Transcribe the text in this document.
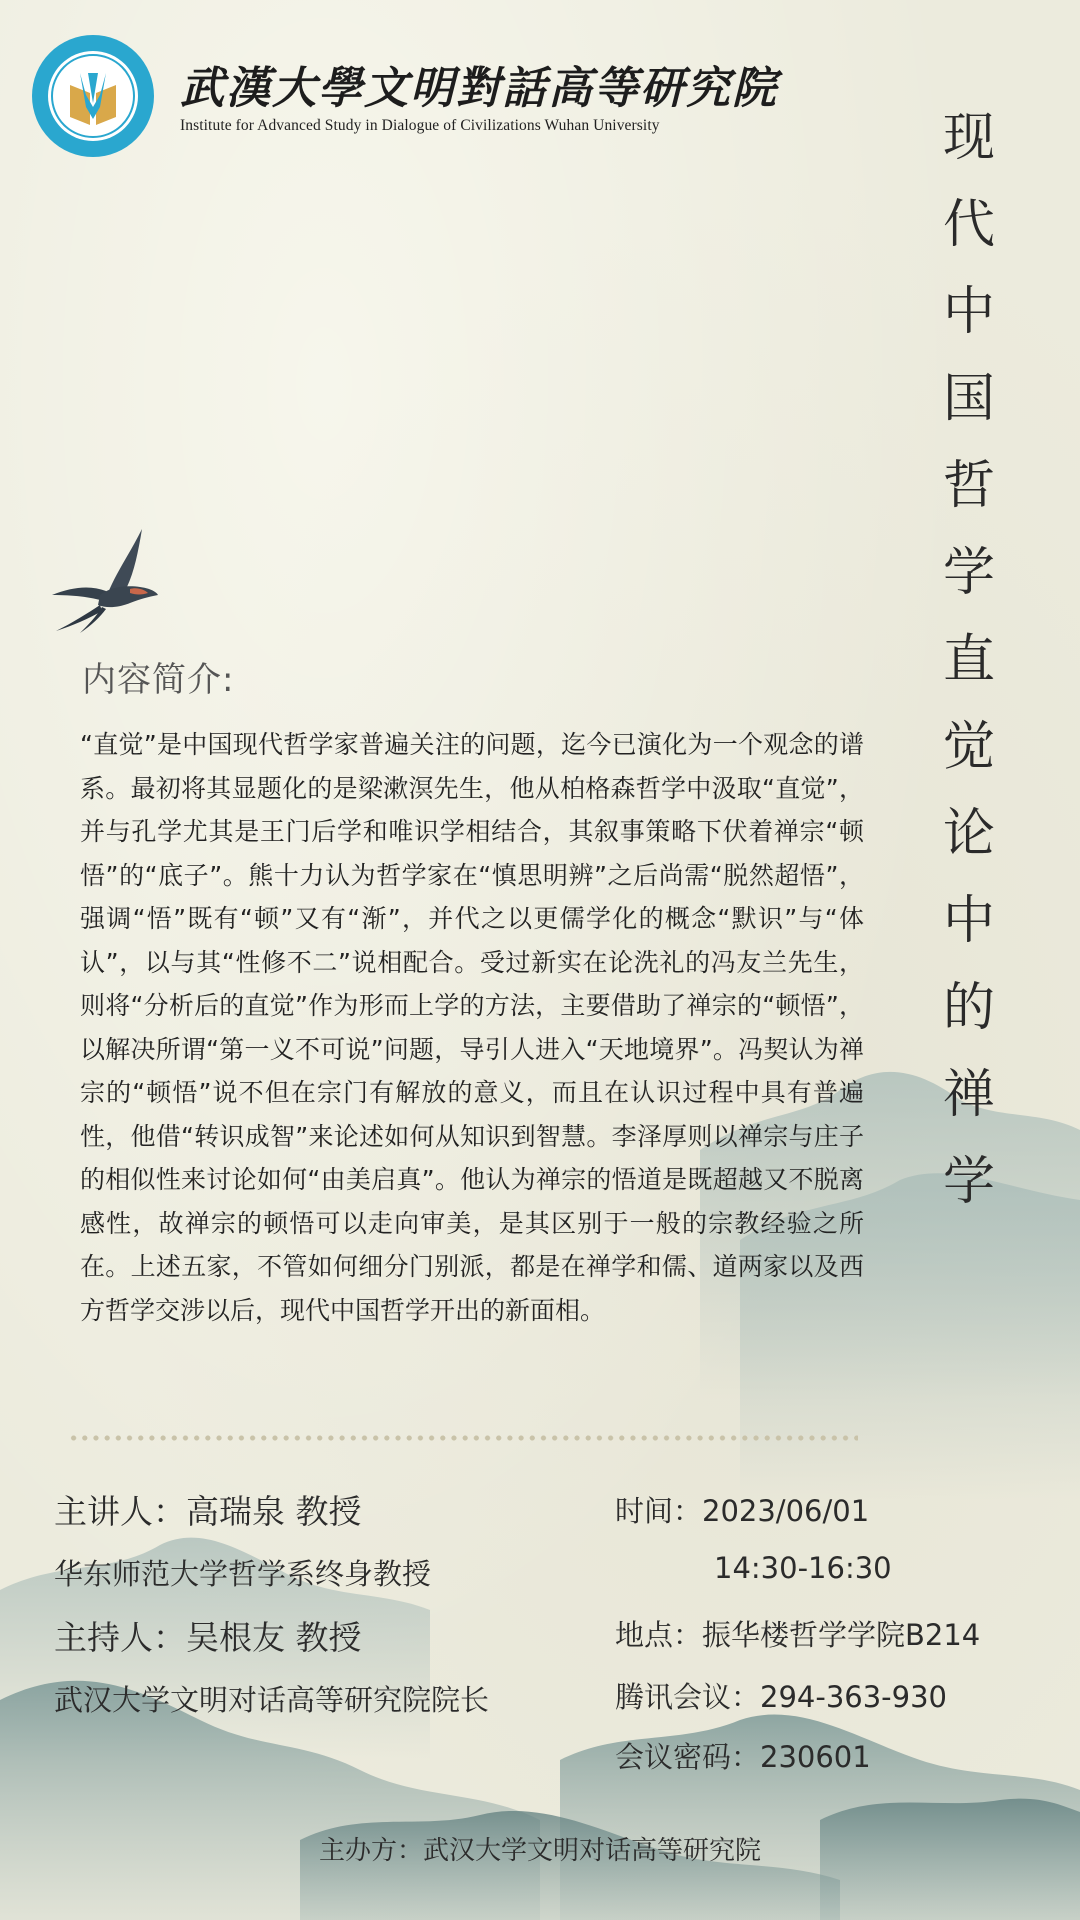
武漢大學文明對話高等研究院
Institute for Advanced Study in Dialogue of Civilizations Wuhan University	现
代
中
国
哲
学
直
觉
论
中
的
禅
学
内容简介:
“直觉”是中国现代哲学家普遍关注的问题，迄今已演化为一个观念的谱系。最初将其显题化的是梁漱溟先生，他从柏格森哲学中汲取“直觉”，并与孔学尤其是王门后学和唯识学相结合，其叙事策略下伏着禅宗“顿悟”的“底子”。熊十力认为哲学家在“慎思明辨”之后尚需“脱然超悟”，强调“悟”既有“顿”又有“渐”，并代之以更儒学化的概念“默识”与“体认”，以与其“性修不二”说相配合。受过新实在论洗礼的冯友兰先生，则将“分析后的直觉”作为形而上学的方法，主要借助了禅宗的“顿悟”，以解决所谓“第一义不可说”问题，导引人进入“天地境界”。冯契认为禅宗的“顿悟”说不但在宗门有解放的意义，而且在认识过程中具有普遍性，他借“转识成智”来论述如何从知识到智慧。李泽厚则以禅宗与庄子的相似性来讨论如何“由美启真”。他认为禅宗的悟道是既超越又不脱离感性，故禅宗的顿悟可以走向审美，是其区别于一般的宗教经验之所在。上述五家，不管如何细分门别派，都是在禅学和儒、道两家以及西方哲学交涉以后，现代中国哲学开出的新面相。
主讲人：高瑞泉 教授
华东师范大学哲学系终身教授
主持人：吴根友 教授
武汉大学文明对话高等研究院院长
时间：2023/06/01
14:30-16:30
地点：振华楼哲学学院B214
腾讯会议：294-363-930
会议密码：230601
主办方：武汉大学文明对话高等研究院
